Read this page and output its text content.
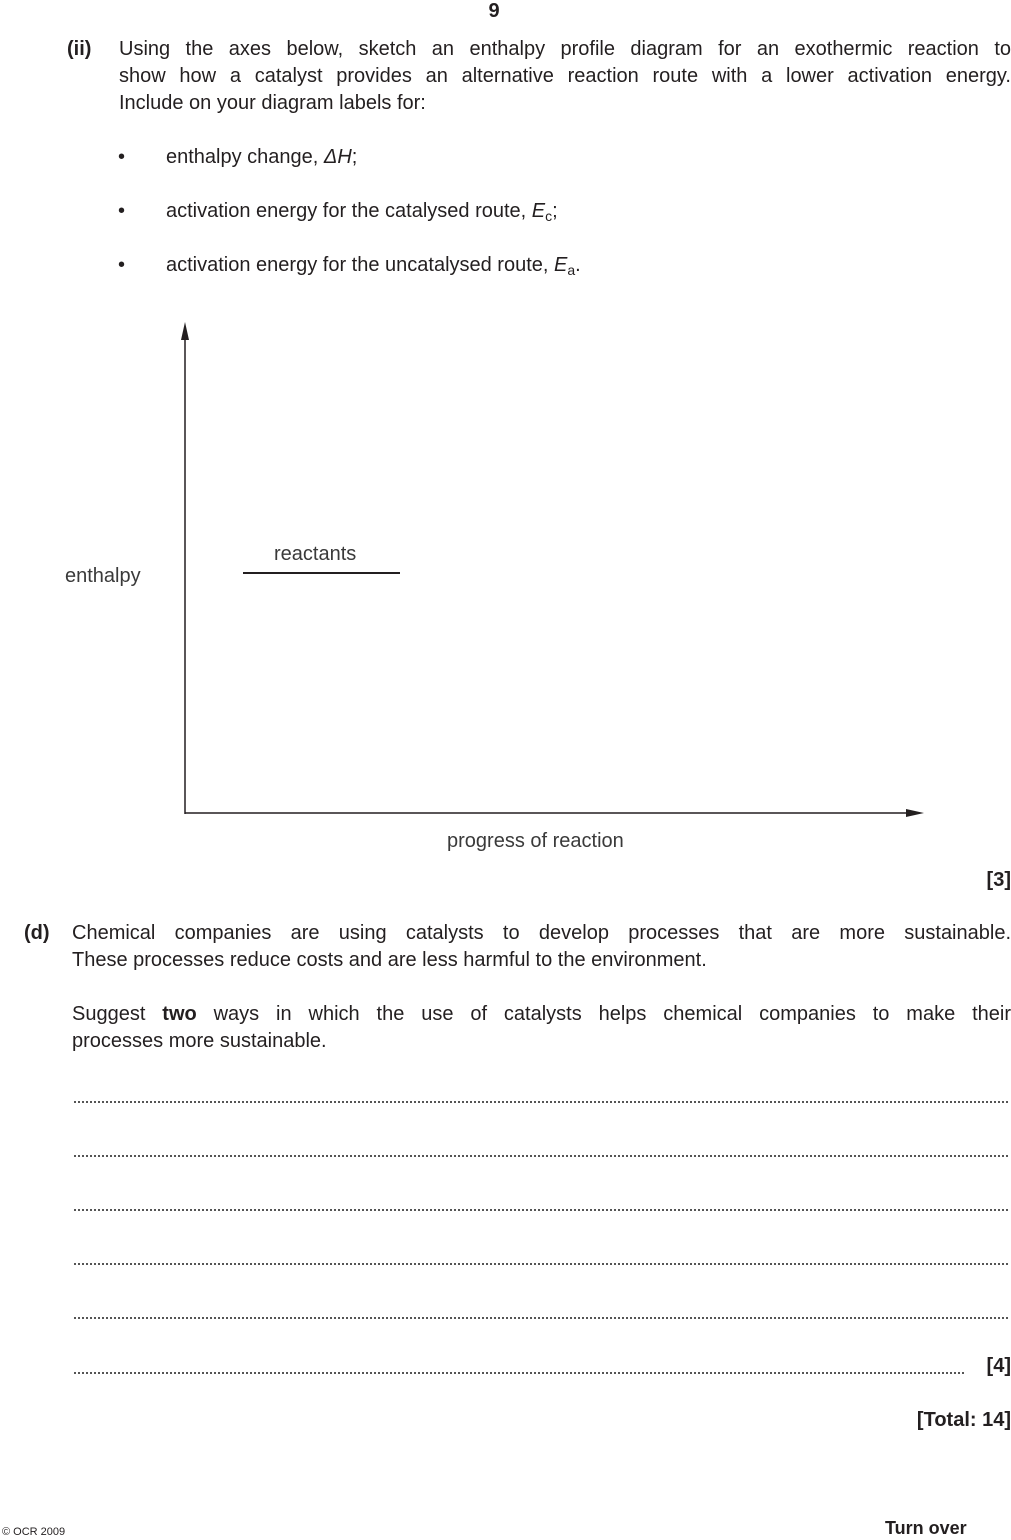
9
(ii) Using the axes below, sketch an enthalpy profile diagram for an exothermic reaction to
show how a catalyst provides an alternative reaction route with a lower activation energy.
Include on your diagram labels for:
• enthalpy change, ΔH;
• activation energy for the catalysed route, $E_c$;
• activation energy for the uncatalysed route, $E_a$.
reactants
enthalpy
progress of reaction
[3]
(d) Chemical companies are using catalysts to develop processes that are more sustainable.
These processes reduce costs and are less harmful to the environment.
Suggest two ways in which the use of catalysts helps chemical companies to make their
processes more sustainable.
[4]
[Total: 14]
© OCR 2009	Turn over
